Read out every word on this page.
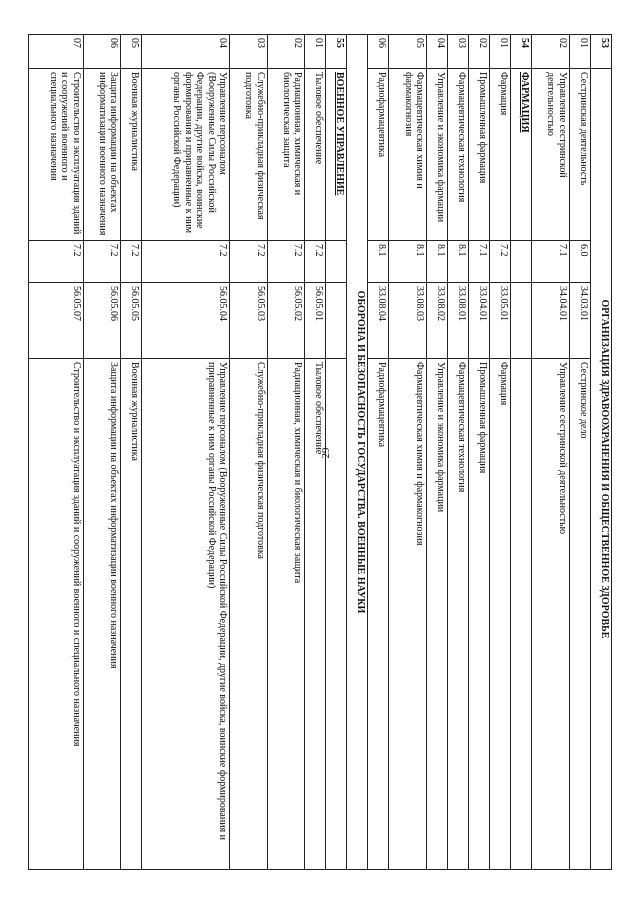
29
53	ОРГАНИЗАЦИЯ ЗДРАВООХРАНЕНИЯ И ОБЩЕСТВЕННОЕ ЗДОРОВЬЕ			
01	Сестринская деятельность	6.0	34.03.01	Сестринское дело
02	Управление сестринской деятельностью	7.1	34.04.01	Управление сестринской деятельностью
54	ФАРМАЦИЯ			
01	Фармация	7.2	33.05.01	Фармация
02	Промышленная фармация	7.1	33.04.01	Промышленная фармация
03	Фармацевтическая технология	8.1	33.08.01	Фармацевтическая технология
04	Управление и экономика фармации	8.1	33.08.02	Управление и экономика фармации
05	Фармацевтическая химия и фармакогнозия	8.1	33.08.03	Фармацевтическая химия и фармакогнозия
06	Радиофармацевтика	8.1	33.08.04	Радиофармацевтика
ОБОРОНА И БЕЗОПАСНОСТЬ ГОСУДАРСТВА. ВОЕННЫЕ НАУКИ				
55	ВОЕННОЕ УПРАВЛЕНИЕ			
01	Тыловое обеспечение	7.2	56.05.01	Тыловое обеспечение
02	Радиационная, химическая и биологическая защита	7.2	56.05.02	Радиационная, химическая и биологическая защита
03	Служебно-прикладная физическая подготовка	7.2	56.05.03	Служебно-прикладная физическая подготовка
04	Управление персоналом (Вооруженные Силы Российской Федерации, другие войска, воинские формирования и приравненные к ним органы Российской Федерации)	7.2	56.05.04	Управление персоналом (Вооруженные Силы Российской Федерации, другие войска, воинские формирования и приравненные к ним органы Российской Федерации)
05	Военная журналистика	7.2	56.05.05	Военная журналистика
06	Защита информации на объектах информатизации военного назначения	7.2	56.05.06	Защита информации на объектах информатизации военного назначения
07	Строительство и эксплуатация зданий и сооружений военного и специального назначения	7.2	56.05.07	Строительство и эксплуатация зданий и сооружений военного и специального назначения
